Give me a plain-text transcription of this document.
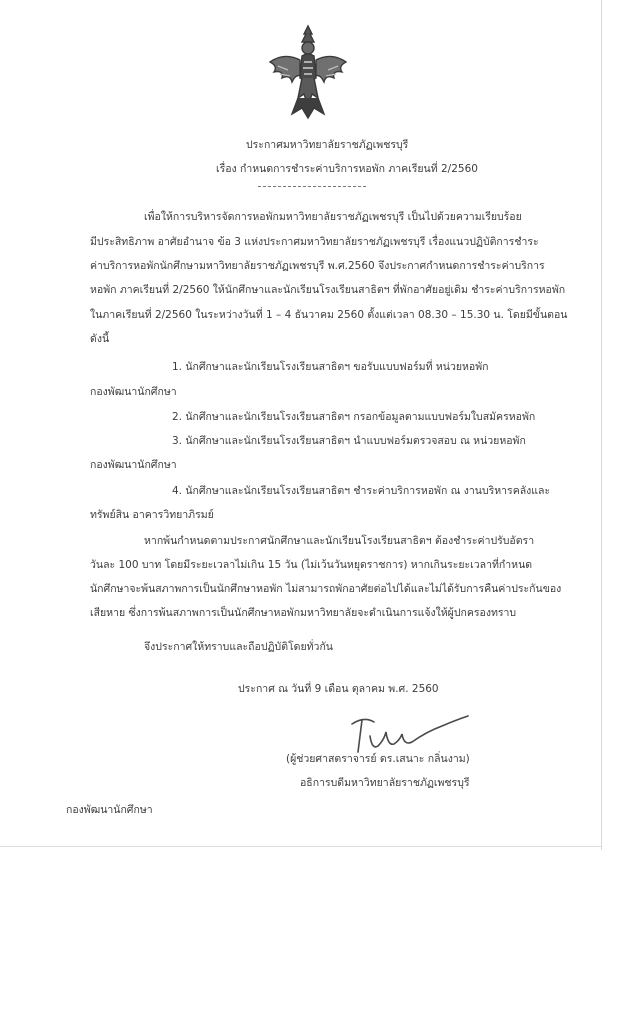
ประกาศมหาวิทยาลัยราชภัฏเพชรบุรี
เรื่อง กำหนดการชำระค่าบริการหอพัก ภาคเรียนที่ 2/2560
เพื่อให้การบริหารจัดการหอพักมหาวิทยาลัยราชภัฏเพชรบุรี เป็นไปด้วยความเรียบร้อย
มีประสิทธิภาพ อาศัยอำนาจ ข้อ 3 แห่งประกาศมหาวิทยาลัยราชภัฏเพชรบุรี เรื่องแนวปฏิบัติการชำระ
ค่าบริการหอพักนักศึกษามหาวิทยาลัยราชภัฏเพชรบุรี พ.ศ.2560 จึงประกาศกำหนดการชำระค่าบริการ
หอพัก ภาคเรียนที่ 2/2560 ให้นักศึกษาและนักเรียนโรงเรียนสาธิตฯ ที่พักอาศัยอยู่เดิม ชำระค่าบริการหอพัก
ในภาคเรียนที่ 2/2560 ในระหว่างวันที่ 1 – 4 ธันวาคม 2560 ตั้งแต่เวลา 08.30 – 15.30 น. โดยมีขั้นตอน
ดังนี้
1. นักศึกษาและนักเรียนโรงเรียนสาธิตฯ ขอรับแบบฟอร์มที่ หน่วยหอพัก
กองพัฒนานักศึกษา
2. นักศึกษาและนักเรียนโรงเรียนสาธิตฯ กรอกข้อมูลตามแบบฟอร์มใบสมัครหอพัก
3. นักศึกษาและนักเรียนโรงเรียนสาธิตฯ นำแบบฟอร์มตรวจสอบ ณ หน่วยหอพัก
กองพัฒนานักศึกษา
4. นักศึกษาและนักเรียนโรงเรียนสาธิตฯ ชำระค่าบริการหอพัก ณ งานบริหารคลังและ
ทรัพย์สิน อาคารวิทยาภิรมย์
หากพ้นกำหนดตามประกาศนักศึกษาและนักเรียนโรงเรียนสาธิตฯ ต้องชำระค่าปรับอัตรา
วันละ 100 บาท โดยมีระยะเวลาไม่เกิน 15 วัน (ไม่เว้นวันหยุดราชการ) หากเกินระยะเวลาที่กำหนด
นักศึกษาจะพ้นสภาพการเป็นนักศึกษาหอพัก ไม่สามารถพักอาศัยต่อไปได้และไม่ได้รับการคืนค่าประกันของ
เสียหาย ซึ่งการพ้นสภาพการเป็นนักศึกษาหอพักมหาวิทยาลัยจะดำเนินการแจ้งให้ผู้ปกครองทราบ
จึงประกาศให้ทราบและถือปฏิบัติโดยทั่วกัน
ประกาศ ณ วันที่ 9 เดือน ตุลาคม พ.ศ. 2560
(ผู้ช่วยศาสตราจารย์ ดร.เสนาะ กลิ่นงาม)
อธิการบดีมหาวิทยาลัยราชภัฏเพชรบุรี
กองพัฒนานักศึกษา
